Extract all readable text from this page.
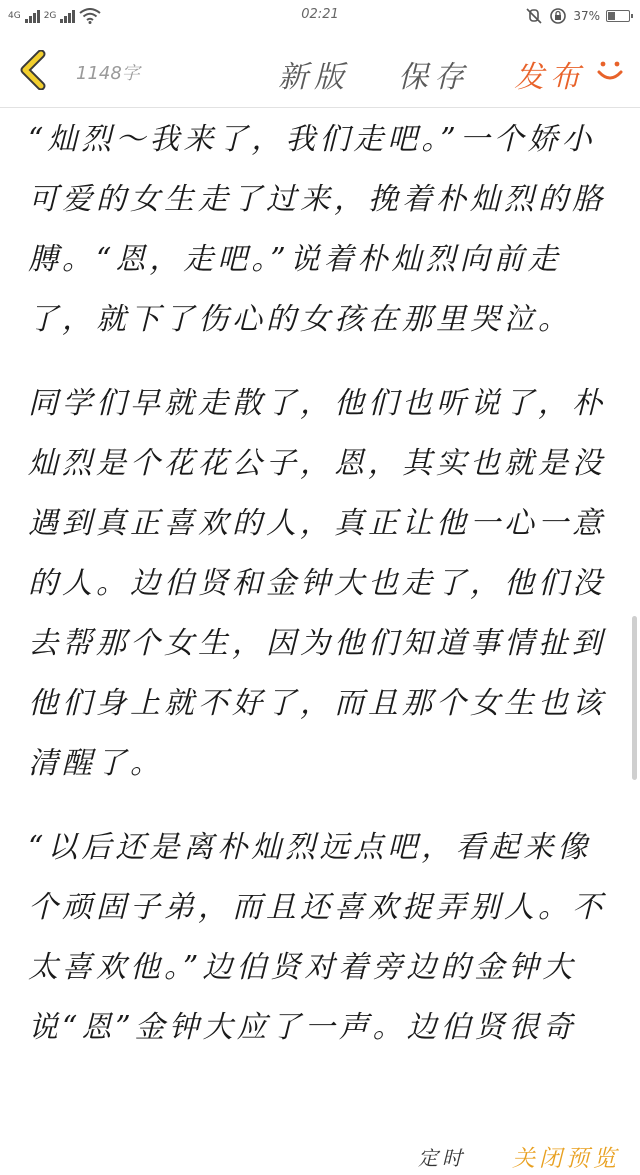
4G	2G	02:21	37%
1148字	新版 保存 发布

“灿烈～我来了，我们走吧。”一个娇小可爱的女生走了过来，挽着朴灿烈的胳膊。“恩，走吧。”说着朴灿烈向前走了，就下了伤心的女孩在那里哭泣。

同学们早就走散了，他们也听说了，朴灿烈是个花花公子，恩，其实也就是没遇到真正喜欢的人，真正让他一心一意的人。边伯贤和金钟大也走了，他们没去帮那个女生，因为他们知道事情扯到他们身上就不好了，而且那个女生也该清醒了。

“以后还是离朴灿烈远点吧，看起来像个顽固子弟，而且还喜欢捉弄别人。不太喜欢他。”边伯贤对着旁边的金钟大说“恩”金钟大应了一声。边伯贤很奇

定时 关闭预览
